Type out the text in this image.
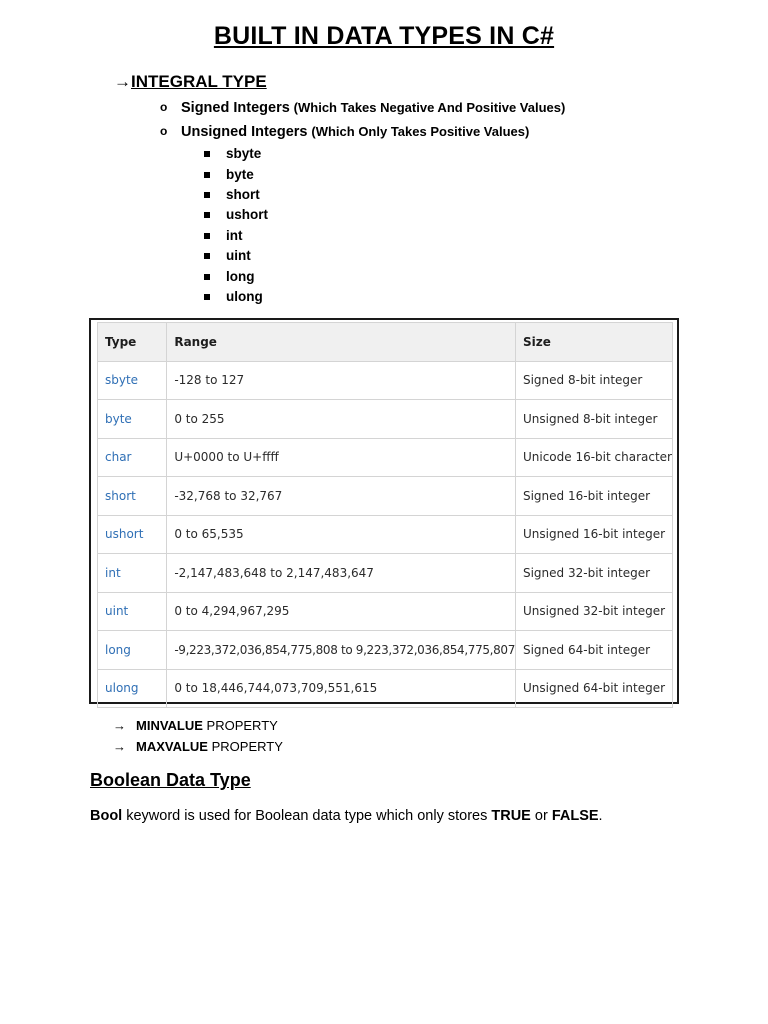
BUILT IN DATA TYPES IN C#
→INTEGRAL TYPE
o Signed Integers (Which Takes Negative And Positive Values)
o Unsigned Integers (Which Only Takes Positive Values)
sbyte
byte
short
ushort
int
uint
long
ulong
Type	Range	Size
sbyte	-128 to 127	Signed 8-bit integer
byte	0 to 255	Unsigned 8-bit integer
char	U+0000 to U+ffff	Unicode 16-bit character
short	-32,768 to 32,767	Signed 16-bit integer
ushort	0 to 65,535	Unsigned 16-bit integer
int	-2,147,483,648 to 2,147,483,647	Signed 32-bit integer
uint	0 to 4,294,967,295	Unsigned 32-bit integer
long	-9,223,372,036,854,775,808 to 9,223,372,036,854,775,807	Signed 64-bit integer
ulong	0 to 18,446,744,073,709,551,615	Unsigned 64-bit integer
→ MINVALUE PROPERTY
→ MAXVALUE PROPERTY
Boolean Data Type
Bool keyword is used for Boolean data type which only stores TRUE or FALSE.
